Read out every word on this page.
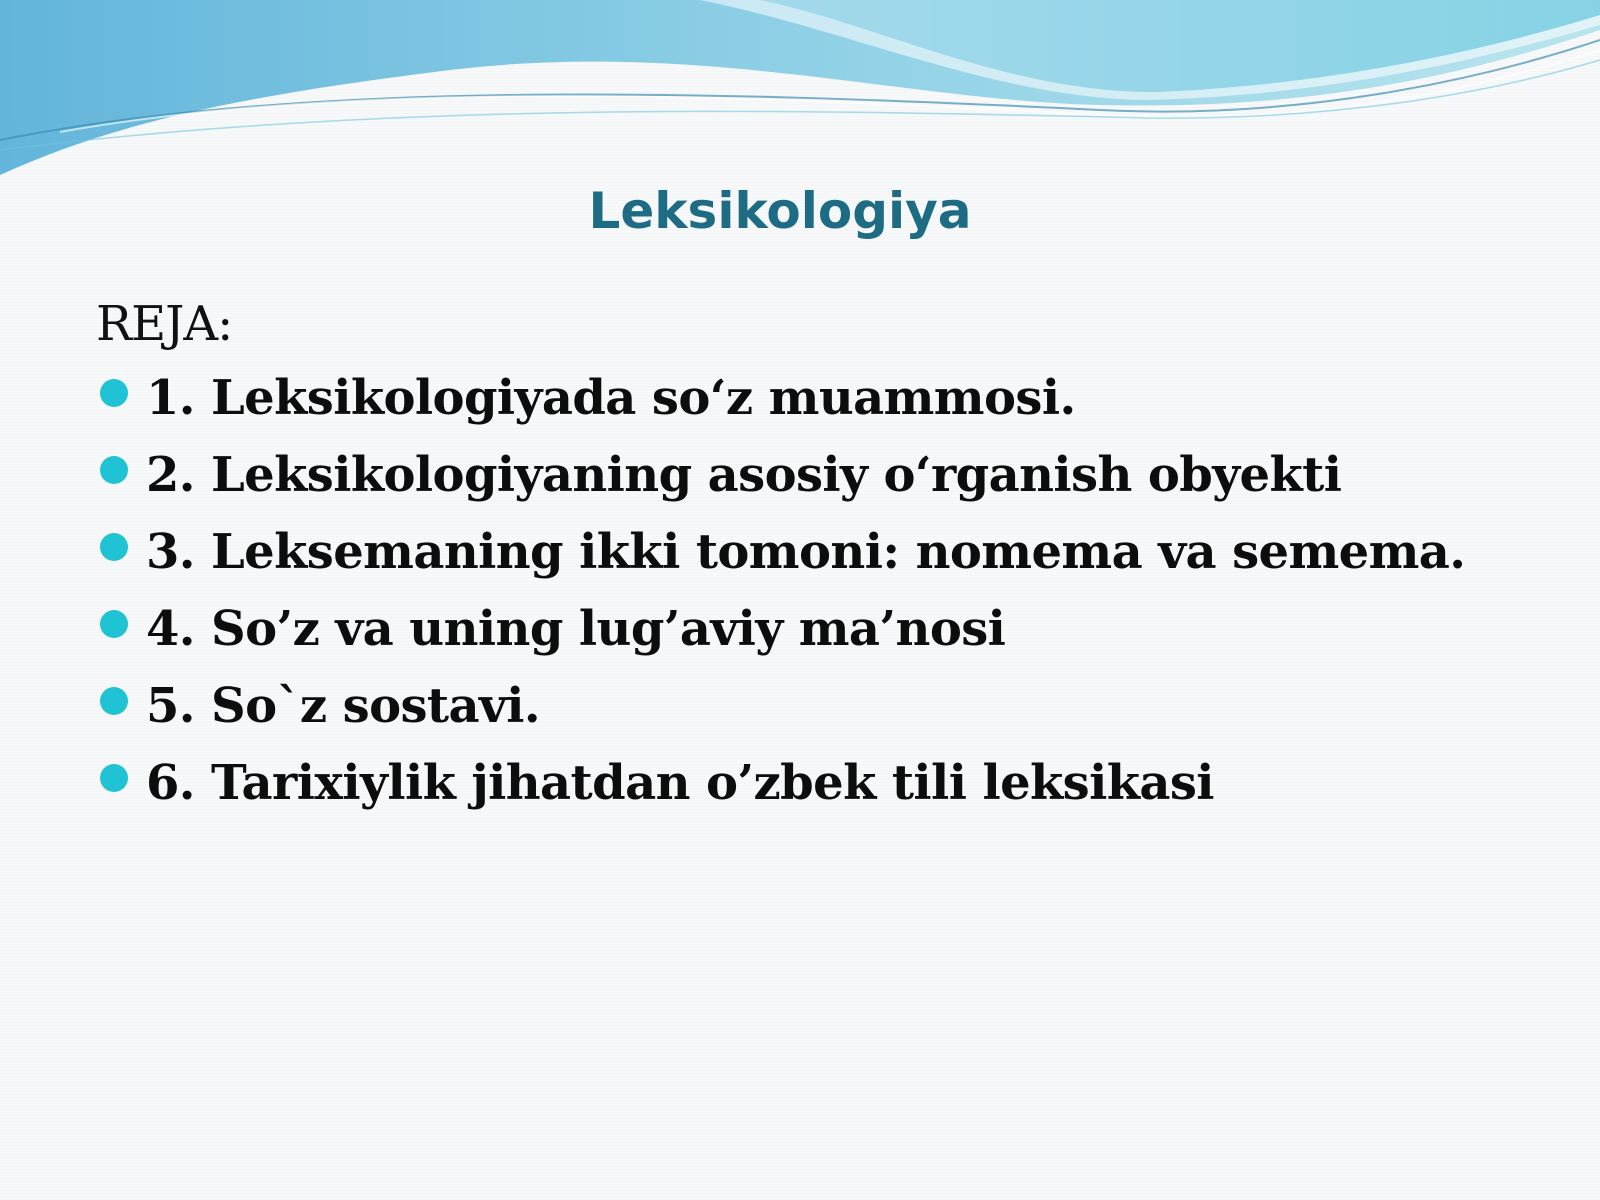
Leksikologiya
REJA:
1. Leksikologiyada so‘z muammosi.
2. Leksikologiyaning asosiy o‘rganish obyekti
3. Leksemaning ikki tomoni: nomema va semema.
4. So’z va uning lug’aviy ma’nosi
5. So`z sostavi.
6. Tarixiylik jihatdan o’zbek tili leksikasi
